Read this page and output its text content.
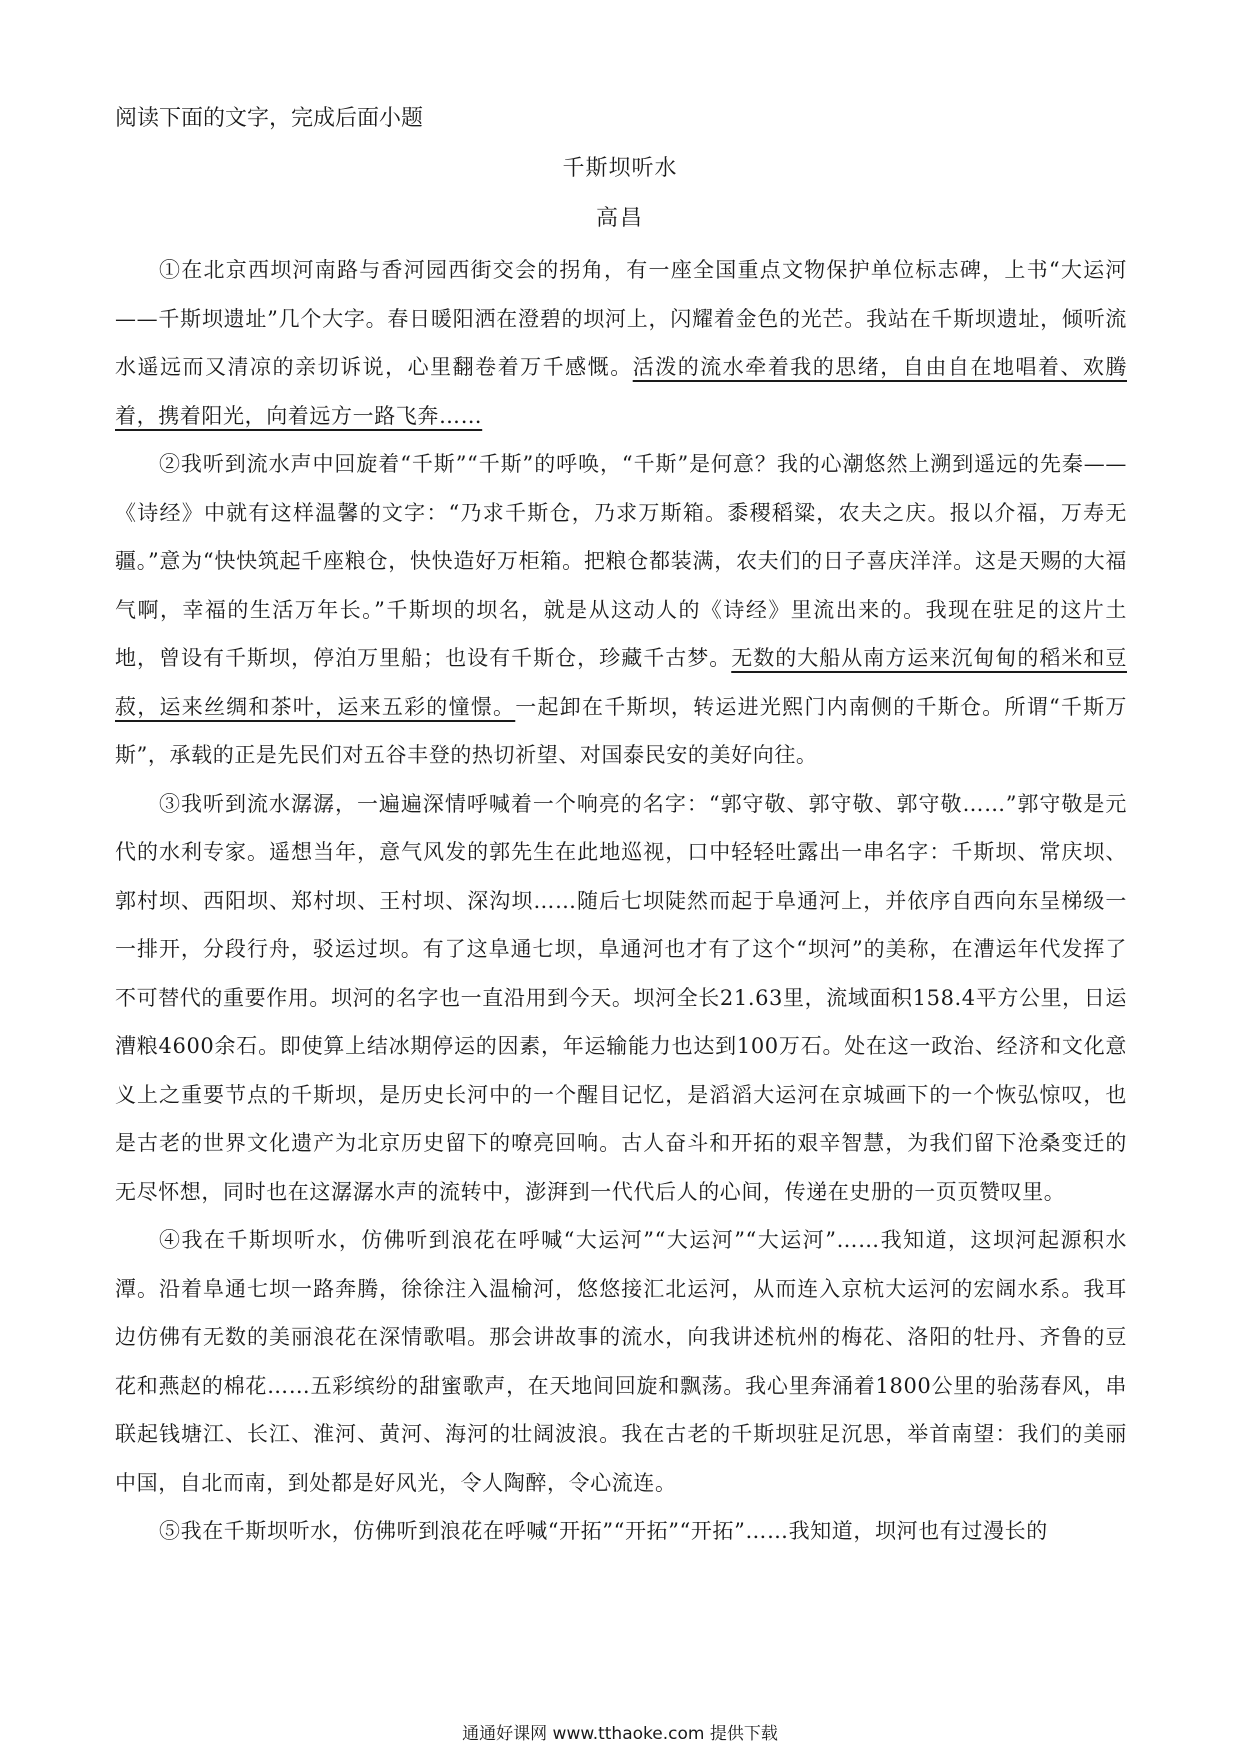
阅读下面的文字，完成后面小题
千斯坝听水
高昌

①在北京西坝河南路与香河园西街交会的拐角，有一座全国重点文物保护单位标志碑，上书“大运河——千斯坝遗址”几个大字。春日暖阳洒在澄碧的坝河上，闪耀着金色的光芒。我站在千斯坝遗址，倾听流水遥远而又清凉的亲切诉说，心里翻卷着万千感慨。活泼的流水牵着我的思绪，自由自在地唱着、欢腾着，携着阳光，向着远方一路飞奔……

②我听到流水声中回旋着“千斯”“千斯”的呼唤，“千斯”是何意？我的心潮悠然上溯到遥远的先秦——《诗经》中就有这样温馨的文字：“乃求千斯仓，乃求万斯箱。黍稷稻粱，农夫之庆。报以介福，万寿无疆。”意为“快快筑起千座粮仓，快快造好万柜箱。把粮仓都装满，农夫们的日子喜庆洋洋。这是天赐的大福气啊，幸福的生活万年长。”千斯坝的坝名，就是从这动人的《诗经》里流出来的。我现在驻足的这片土地，曾设有千斯坝，停泊万里船；也设有千斯仓，珍藏千古梦。无数的大船从南方运来沉甸甸的稻米和豆菽，运来丝绸和茶叶，运来五彩的憧憬。一起卸在千斯坝，转运进光熙门内南侧的千斯仓。所谓“千斯万斯”，承载的正是先民们对五谷丰登的热切祈望、对国泰民安的美好向往。

③我听到流水潺潺，一遍遍深情呼喊着一个响亮的名字：“郭守敬、郭守敬、郭守敬……”郭守敬是元代的水利专家。遥想当年，意气风发的郭先生在此地巡视，口中轻轻吐露出一串名字：千斯坝、常庆坝、郭村坝、西阳坝、郑村坝、王村坝、深沟坝……随后七坝陡然而起于阜通河上，并依序自西向东呈梯级一一排开，分段行舟，驳运过坝。有了这阜通七坝，阜通河也才有了这个“坝河”的美称，在漕运年代发挥了不可替代的重要作用。坝河的名字也一直沿用到今天。坝河全长21.63里，流域面积158.4平方公里，日运漕粮4600余石。即使算上结冰期停运的因素，年运输能力也达到100万石。处在这一政治、经济和文化意义上之重要节点的千斯坝，是历史长河中的一个醒目记忆，是滔滔大运河在京城画下的一个恢弘惊叹，也是古老的世界文化遗产为北京历史留下的嘹亮回响。古人奋斗和开拓的艰辛智慧，为我们留下沧桑变迁的无尽怀想，同时也在这潺潺水声的流转中，澎湃到一代代后人的心间，传递在史册的一页页赞叹里。

④我在千斯坝听水，仿佛听到浪花在呼喊“大运河”“大运河”“大运河”……我知道，这坝河起源积水潭。沿着阜通七坝一路奔腾，徐徐注入温榆河，悠悠接汇北运河，从而连入京杭大运河的宏阔水系。我耳边仿佛有无数的美丽浪花在深情歌唱。那会讲故事的流水，向我讲述杭州的梅花、洛阳的牡丹、齐鲁的豆花和燕赵的棉花……五彩缤纷的甜蜜歌声，在天地间回旋和飘荡。我心里奔涌着1800公里的骀荡春风，串联起钱塘江、长江、淮河、黄河、海河的壮阔波浪。我在古老的千斯坝驻足沉思，举首南望：我们的美丽中国，自北而南，到处都是好风光，令人陶醉，令心流连。

⑤我在千斯坝听水，仿佛听到浪花在呼喊“开拓”“开拓”“开拓”……我知道，坝河也有过漫长的

通通好课网 www.tthaoke.com 提供下载
